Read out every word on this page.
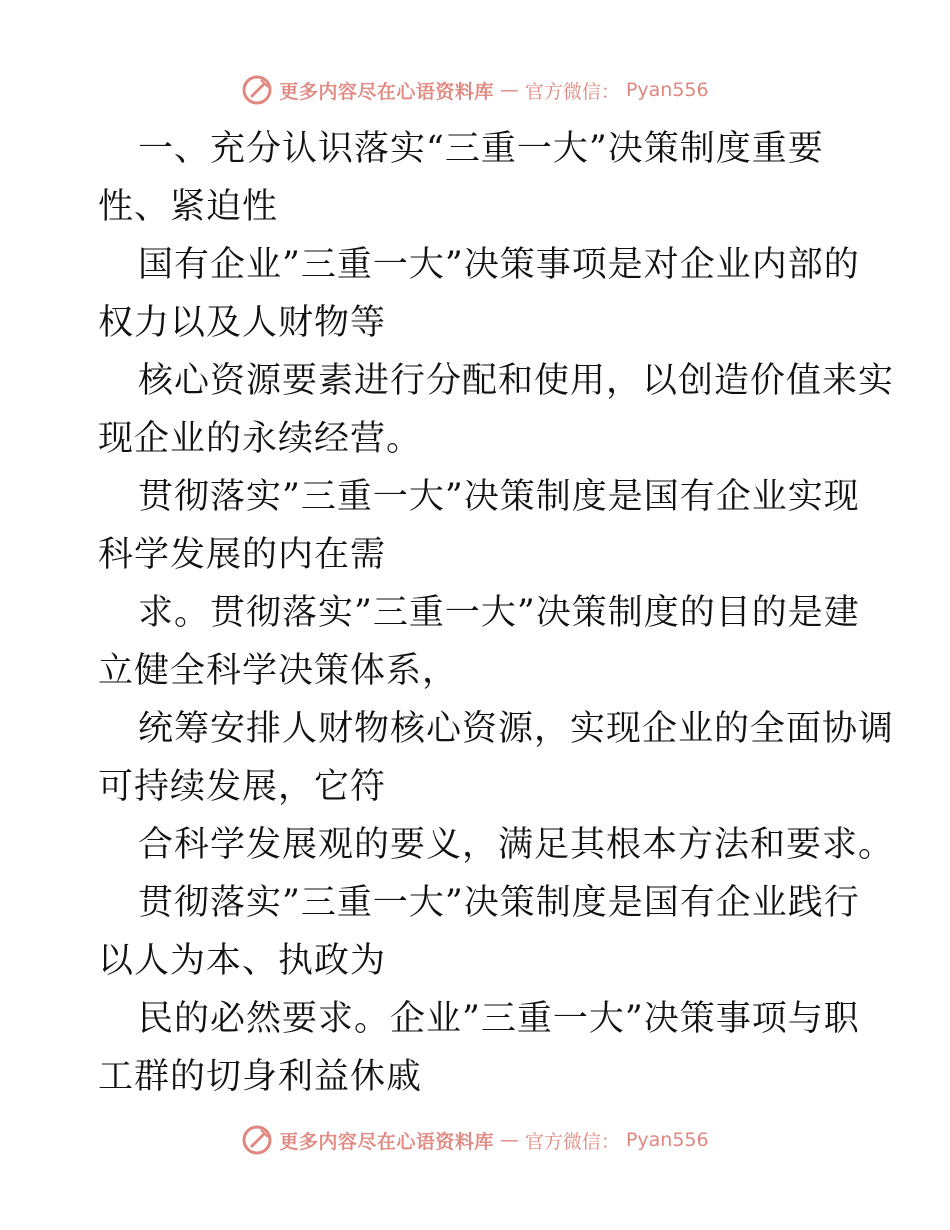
更多内容尽在心语资料库 — 官方微信： Pyan556
一、充分认识落实“三重一大”决策制度重要
性、紧迫性
国有企业”三重一大”决策事项是对企业内部的
权力以及人财物等
核心资源要素进行分配和使用，以创造价值来实
现企业的永续经营。
贯彻落实”三重一大”决策制度是国有企业实现
科学发展的内在需
求。贯彻落实”三重一大”决策制度的目的是建
立健全科学决策体系，
统筹安排人财物核心资源，实现企业的全面协调
可持续发展，它符
合科学发展观的要义，满足其根本方法和要求。
贯彻落实”三重一大”决策制度是国有企业践行
以人为本、执政为
民的必然要求。企业”三重一大”决策事项与职
工群的切身利益休戚
更多内容尽在心语资料库 — 官方微信： Pyan556
